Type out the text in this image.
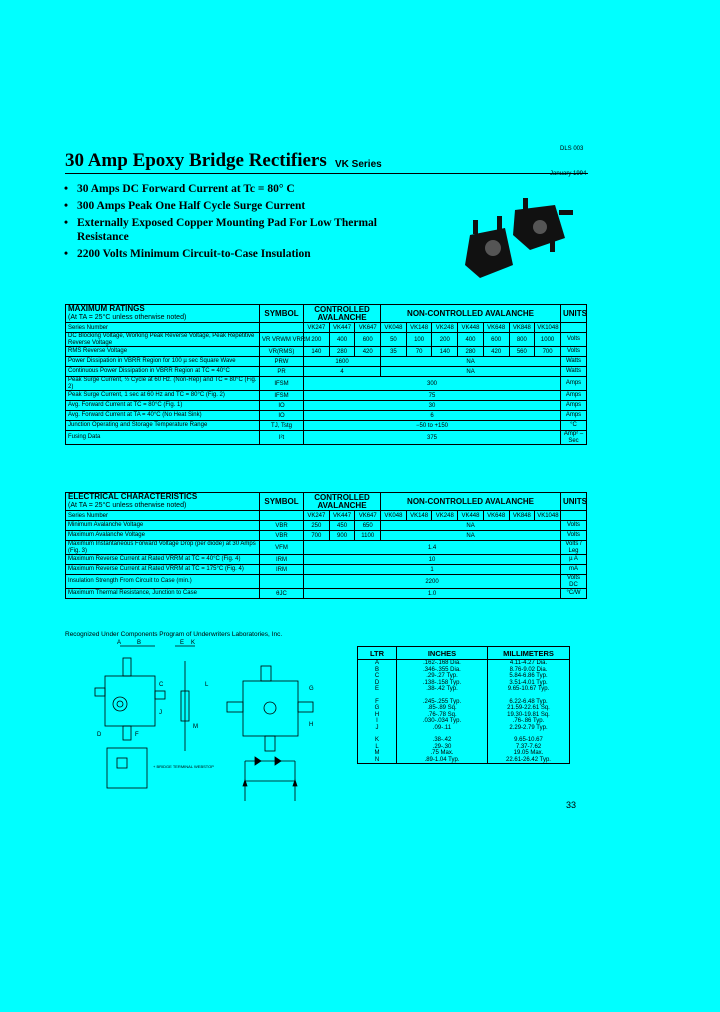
DLS 003
30 Amp Epoxy Bridge Rectifiers VK Series
January 1994
• 30 Amps DC Forward Current at Tc = 80° C
• 300 Amps Peak One Half Cycle Surge Current
• Externally Exposed Copper Mounting Pad For Low Thermal Resistance
• 2200 Volts Minimum Circuit-to-Case Insulation
MAXIMUM RATINGS
(At TA = 25°C unless otherwise noted)	SYMBOL	CONTROLLED AVALANCHE			NON-CONTROLLED AVALANCHE							UNITS

Series Number		VK247	VK447	VK647	VK048	VK148	VK248	VK448	VK648	VK848	VK1048	
DC Blocking Voltage, Working Peak Reverse Voltage, Peak Repetitive Reverse Voltage	VR VRWM VRRM	200	400	600	50	100	200	400	600	800	1000	Volts
RMS Reverse Voltage	VR(RMS)	140	280	420	35	70	140	280	420	560	700	Volts
Power Dissipation in VBRR Region for 100 µ sec Square Wave	PRW	1600			NA							Watts
Continuous Power Dissipation in VBRR Region at TC = 40°C	PR	4			NA							Watts
Peak Surge Current, ½ Cycle at 60 Hz. (Non-Rep) and TC = 80°C (Fig. 2)	IFSM	300										Amps
Peak Surge Current, 1 sec at 60 Hz and TC = 80°C (Fig. 2)	IFSM	75										Amps
Avg. Forward Current at TC = 80°C (Fig. 1)	IO	30										Amps
Avg. Forward Current at TA = 40°C (No Heat Sink)	IO	6										Amps
Junction Operating and Storage Temperature Range	TJ, Tstg	−50 to +150										°C
Fusing Data	I²t	375										Amp² – Sec
ELECTRICAL CHARACTERISTICS
(At TA = 25°C unless otherwise noted)	SYMBOL	CONTROLLED AVALANCHE			NON-CONTROLLED AVALANCHE							UNITS

Series Number		VK247	VK447	VK647	VK048	VK148	VK248	VK448	VK648	VK848	VK1048	
Minimum Avalanche Voltage	VBR	250	450	650	NA							Volts
Maximum Avalanche Voltage	VBR	700	900	1100	NA							Volts
Maximum Instantaneous Forward Voltage Drop (per diode) at 30 Amps (Fig. 3)	VFM	1.4										Volts / Leg
Maximum Reverse Current at Rated VRRM at TC = 40°C (Fig. 4)	IRM	10										µ A
Maximum Reverse Current at Rated VRRM at TC = 175°C (Fig. 4)	IRM	1										mA
Insulation Strength From Circuit to Case (min.)		2200										Volts DC
Maximum Thermal Resistance, Junction to Case	θJC	1.0										°C/W
Recognized Under Components Program of Underwriters Laboratories, Inc.
A	B	E K
C
J
D	F
L
M
G
H
+ BRIDGE TERMINAL WEBSTOP
LTR	INCHES	MILLIMETERS
A	.162-.168 Dia.	4.11-4.27 Dia.
B	.346-.355 Dia.	8.76-9.02 Dia.
C	.29-.27 Typ.	5.84-6.86 Typ.
D	.138-.158 Typ.	3.51-4.01 Typ.
E	.38-.42 Typ.	9.65-10.67 Typ.

F	.245-.255 Typ.	6.22-6.48 Typ.
G	.85-.89 Sq.	21.59-22.61 Sq.
H	.76-.78 Sq.	19.30-19.81 Sq.
I	.030-.034 Typ.	.76-.86 Typ.
J	.09-.11	2.29-2.79 Typ.

K	.38-.42	9.65-10.67
L	.29-.30	7.37-7.62
M	.75 Max.	19.05 Max.
N	.89-1.04 Typ.	22.61-26.42 Typ.
33
